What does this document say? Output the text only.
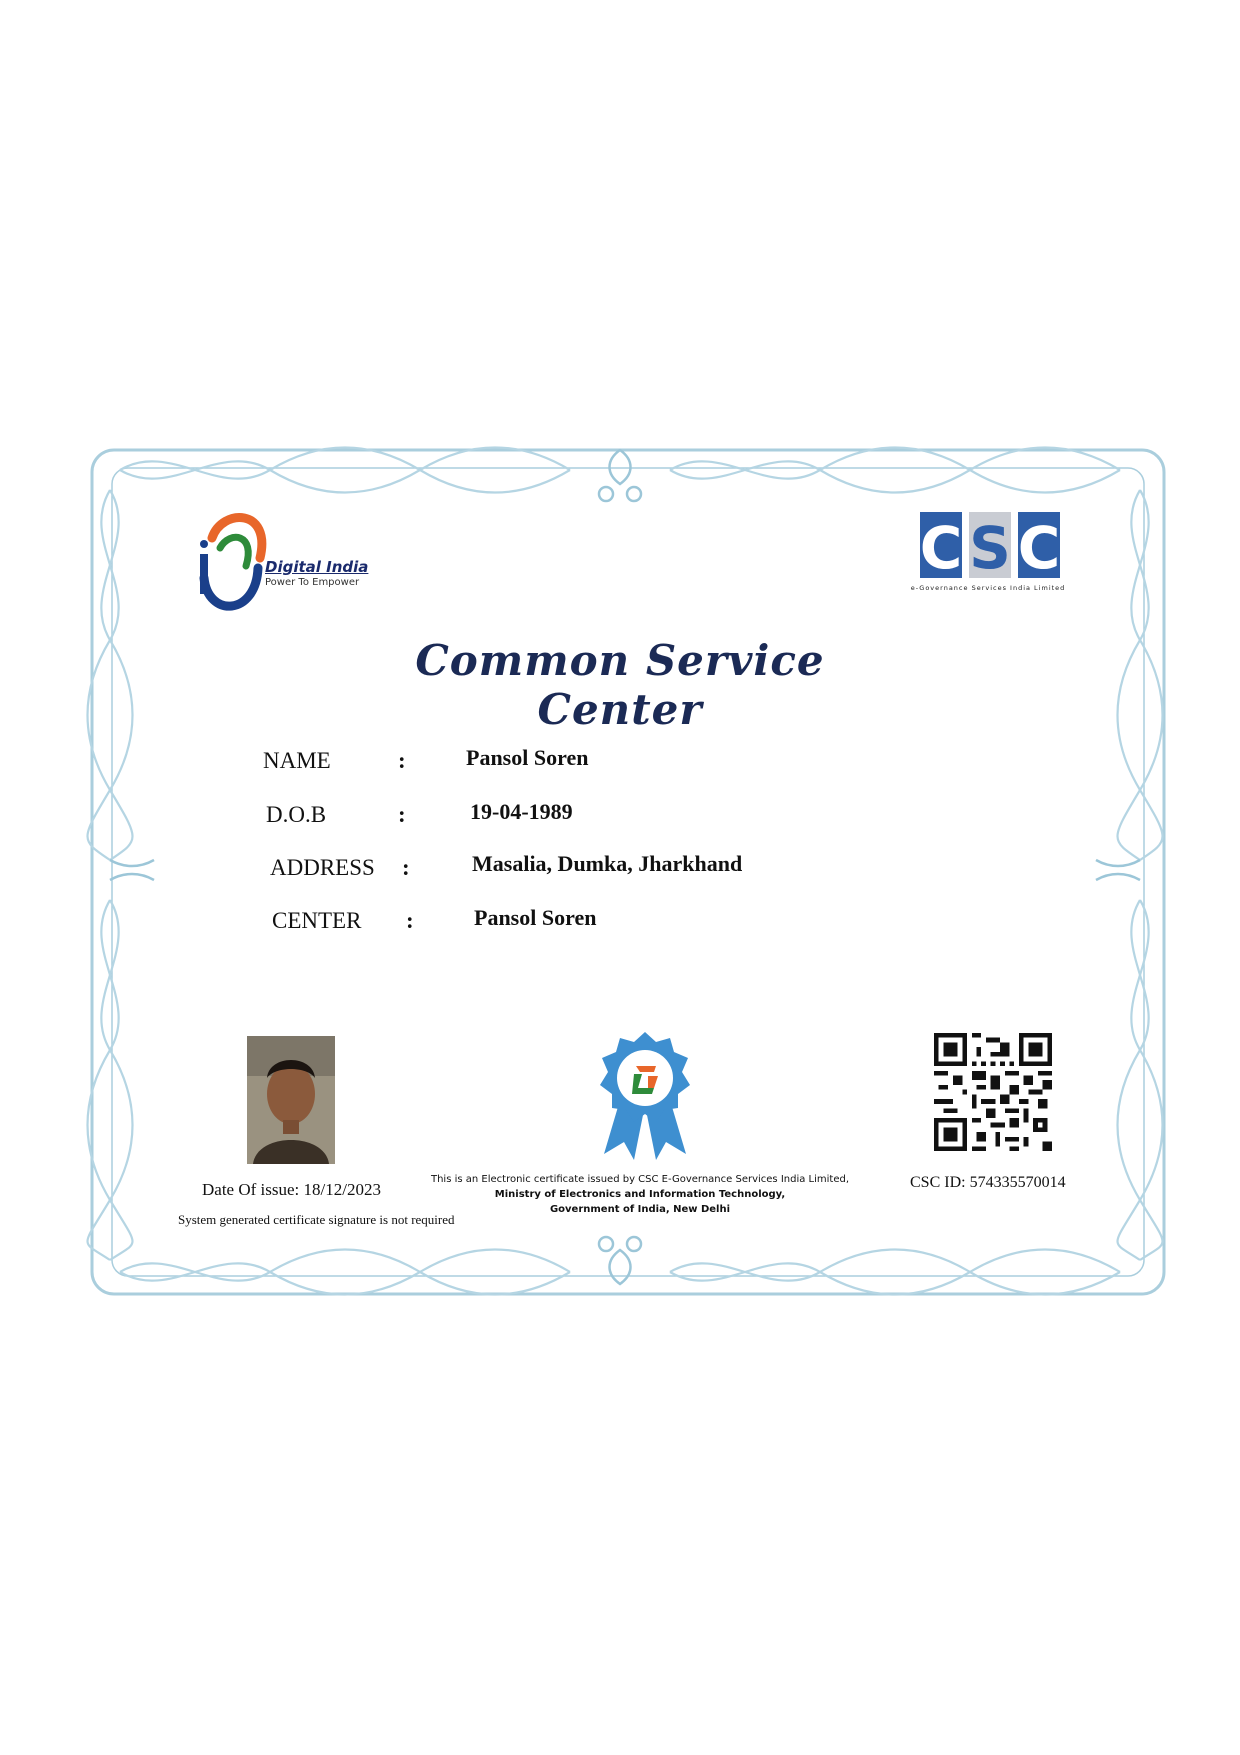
Digital India
Power To Empower
C S C
e-Governance Services India Limited
Common Service Center
NAME	:	Pansol Soren
D.O.B	:	19-04-1989
ADDRESS :	Masalia, Dumka, Jharkhand
CENTER :	Pansol Soren
Date Of issue: 18/12/2023
System generated certificate signature is not required
This is an Electronic certificate issued by CSC E-Governance Services India Limited,
Ministry of Electronics and Information Technology,
Government of India, New Delhi
CSC ID: 574335570014
